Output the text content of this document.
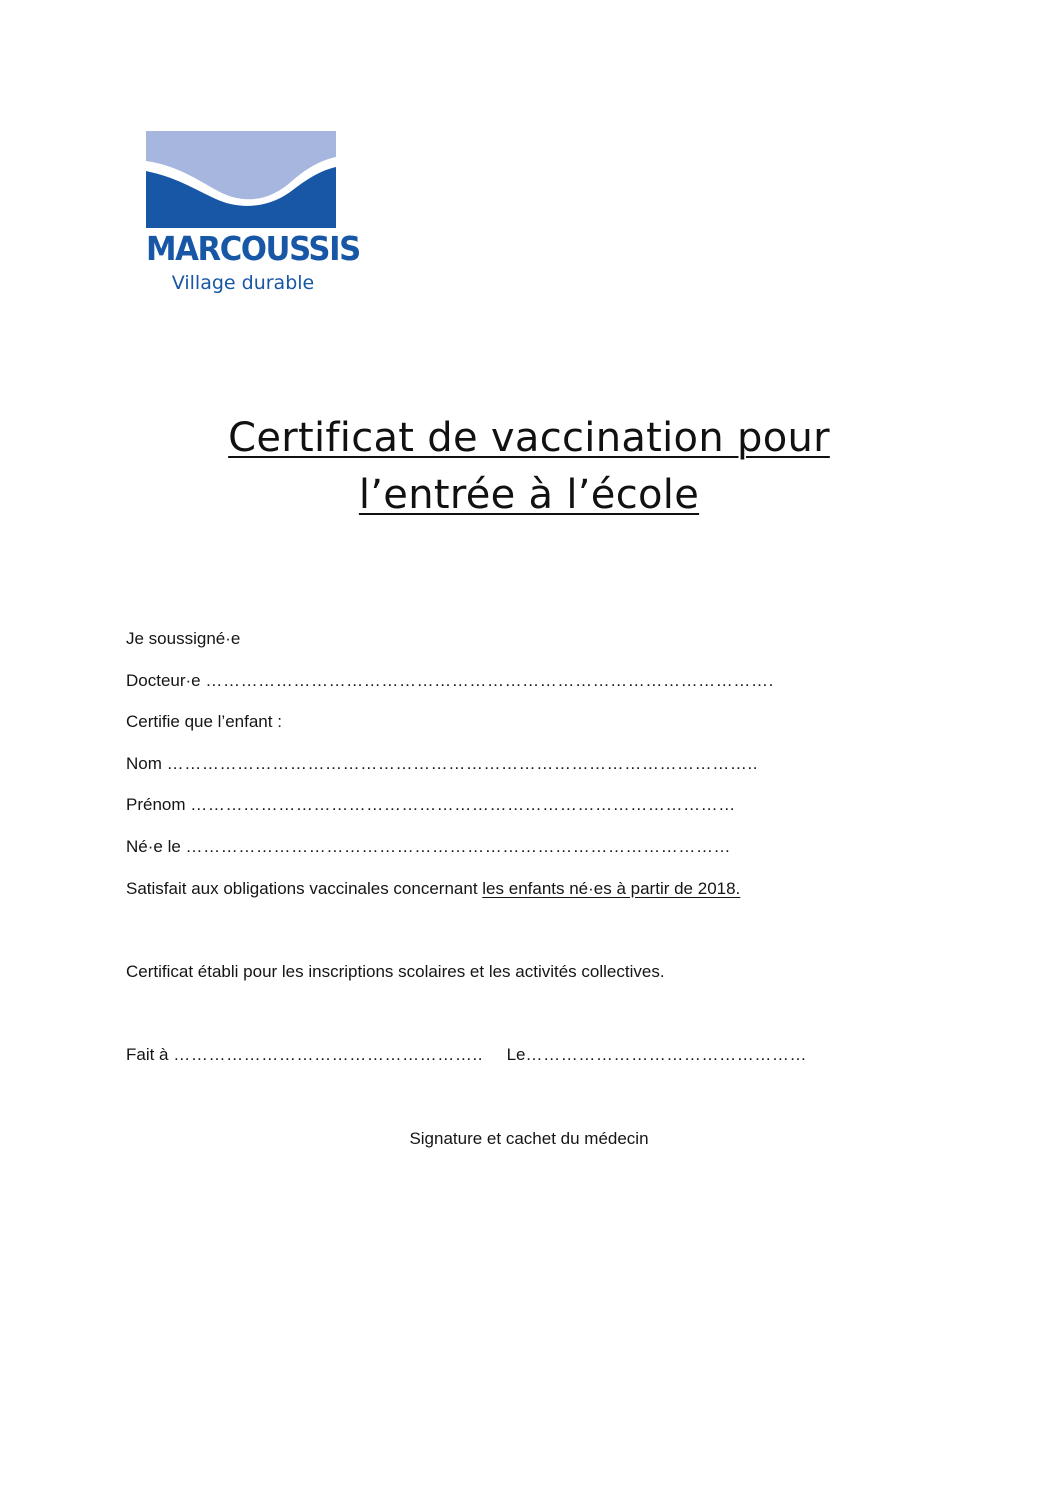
MARCOUSSIS
Village durable
Certificat de vaccination pour
l’entrée à l’école
Je soussigné·e
Docteur·e …………………………………………………………………………………….
Certifie que l’enfant :
Nom ………………………………………………………………………………………..
Prénom …………………………………………………………………………………
Né·e le …………………………………………………………………………………
Satisfait aux obligations vaccinales concernant les enfants né·es à partir de 2018.
Certificat établi pour les inscriptions scolaires et les activités collectives.
Fait à …………………………………………….. Le…………………………………………
Signature et cachet du médecin
